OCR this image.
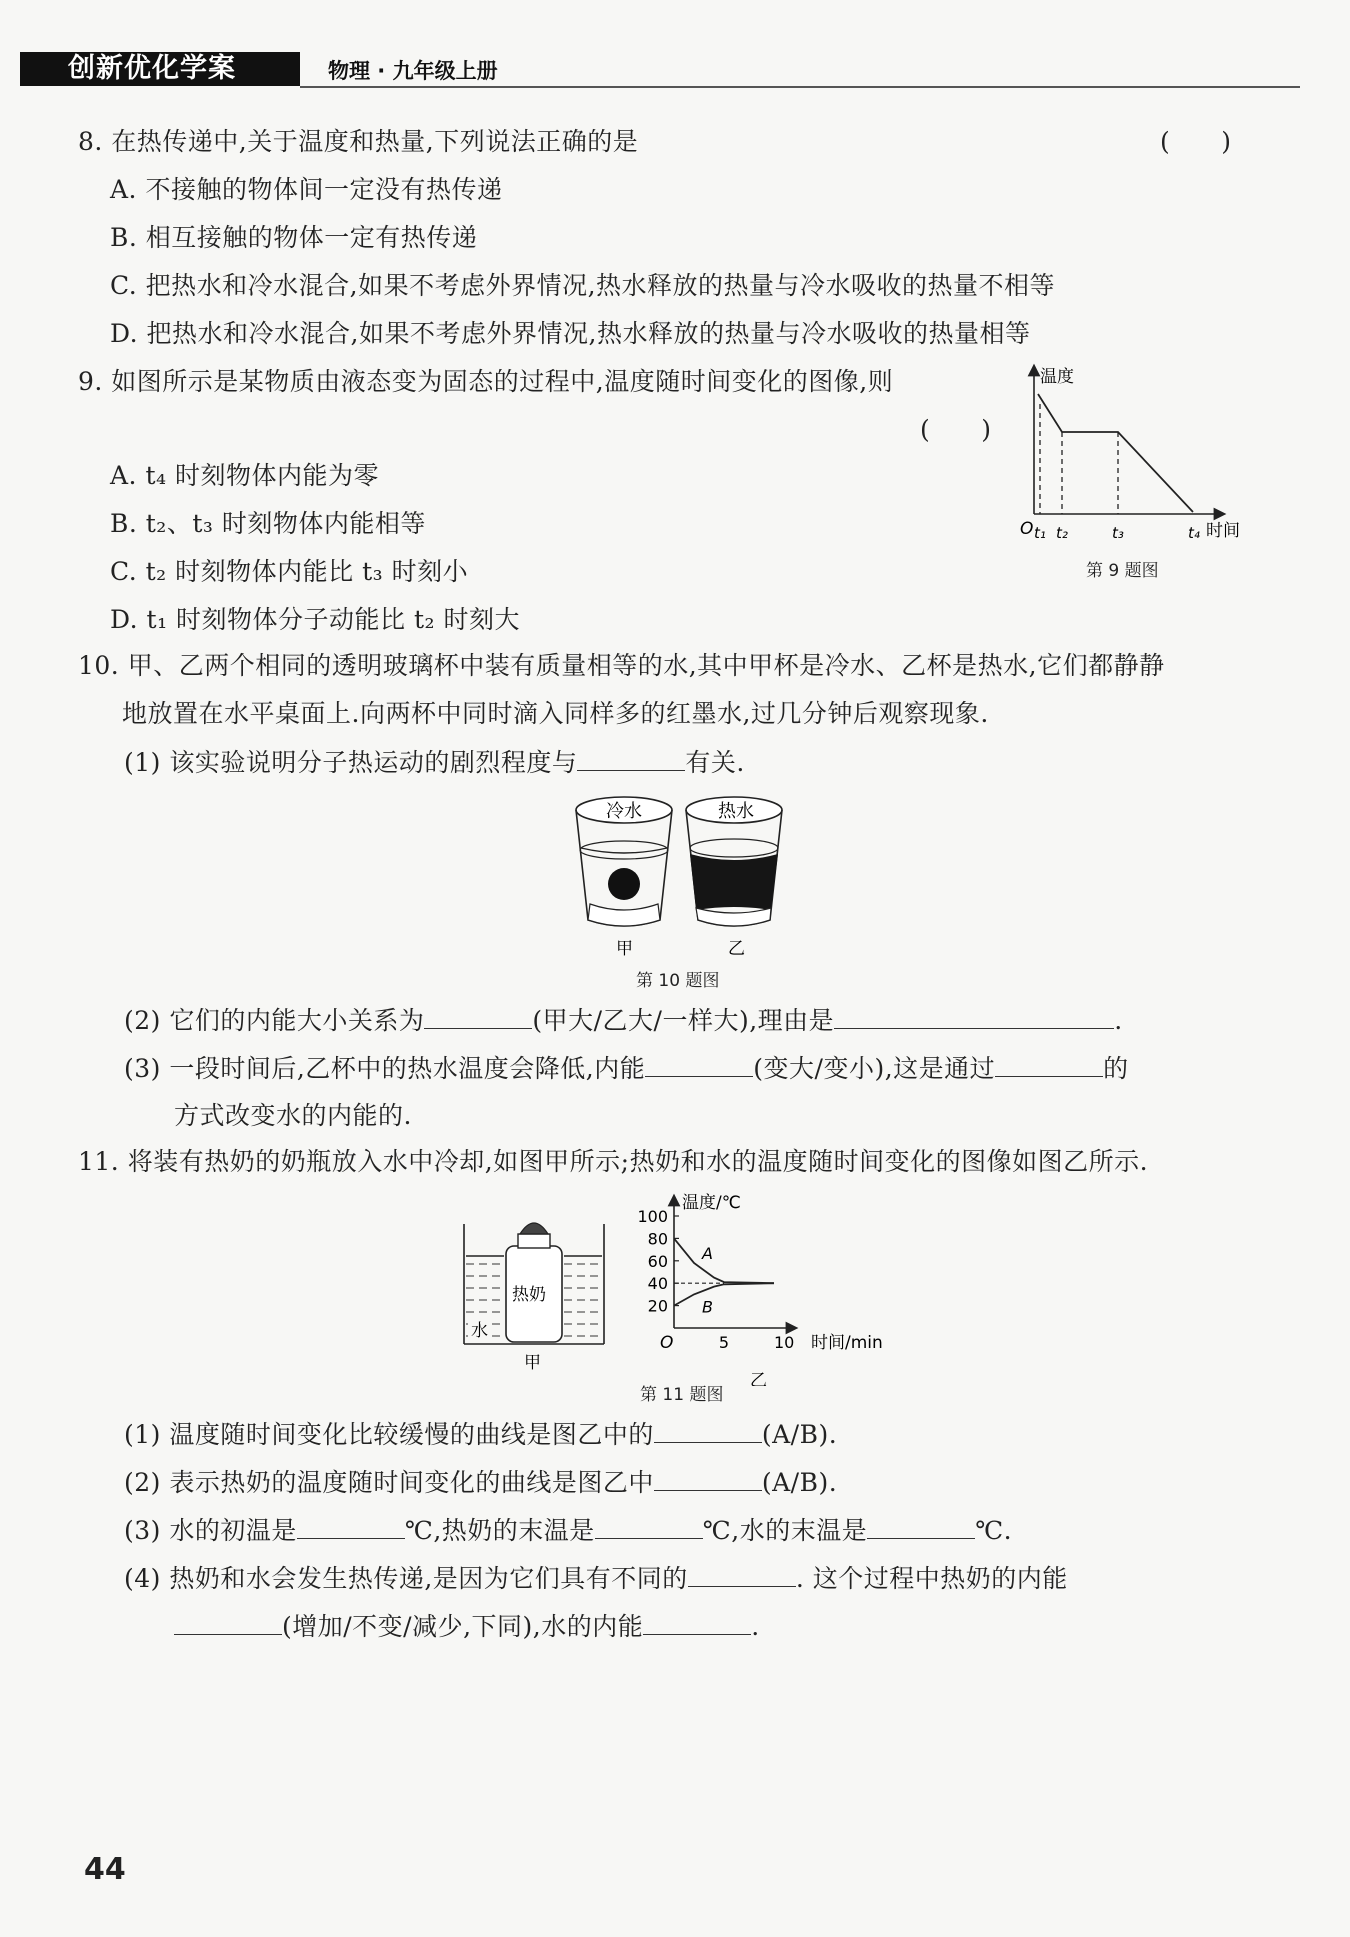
创新优化学案	物理 · 九年级上册
8. 在热传递中,关于温度和热量,下列说法正确的是	(　　)
A. 不接触的物体间一定没有热传递
B. 相互接触的物体一定有热传递
C. 把热水和冷水混合,如果不考虑外界情况,热水释放的热量与冷水吸收的热量不相等
D. 把热水和冷水混合,如果不考虑外界情况,热水释放的热量与冷水吸收的热量相等
9. 如图所示是某物质由液态变为固态的过程中,温度随时间变化的图像,则
(　　)
A. t₄ 时刻物体内能为零
B. t₂、t₃ 时刻物体内能相等
C. t₂ 时刻物体内能比 t₃ 时刻小
D. t₁ 时刻物体分子动能比 t₂ 时刻大
温度
O t₁ t₂	t₃	t₄ 时间
第 9 题图
10. 甲、乙两个相同的透明玻璃杯中装有质量相等的水,其中甲杯是冷水、乙杯是热水,它们都静静
地放置在水平桌面上.向两杯中同时滴入同样多的红墨水,过几分钟后观察现象.
(1) 该实验说明分子热运动的剧烈程度与	有关.
冷水
甲
热水
乙
第 10 题图
(2) 它们的内能大小关系为	(甲大/乙大/一样大),理由是	.
(3) 一段时间后,乙杯中的热水温度会降低,内能	(变大/变小),这是通过	的
方式改变水的内能的.
11. 将装有热奶的奶瓶放入水中冷却,如图甲所示;热奶和水的温度随时间变化的图像如图乙所示.
热奶
水
甲
温度/℃
时间/min
O
乙
20
40
60
80
100
5	10
A
B
第 11 题图
(1) 温度随时间变化比较缓慢的曲线是图乙中的	(A/B).
(2) 表示热奶的温度随时间变化的曲线是图乙中	(A/B).
(3) 水的初温是	℃,热奶的末温是	℃,水的末温是	℃.
(4) 热奶和水会发生热传递,是因为它们具有不同的	. 这个过程中热奶的内能
(增加/不变/减少,下同),水的内能	.
44
